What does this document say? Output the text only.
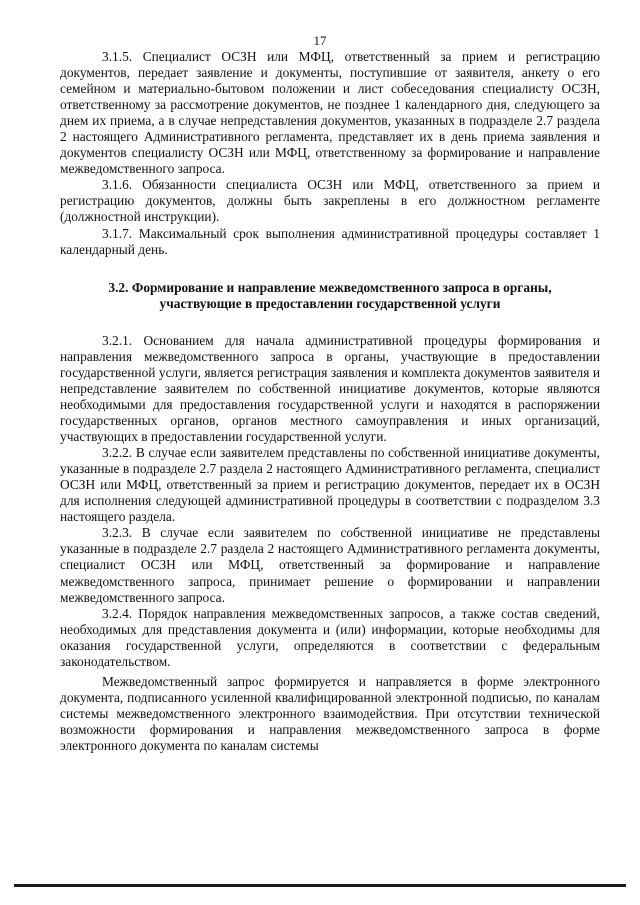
17

3.1.5. Специалист ОСЗН или МФЦ, ответственный за прием и регистрацию документов, передает заявление и документы, поступившие от заявителя, анкету о его семейном и материально-бытовом положении и лист собеседования специалисту ОСЗН, ответственному за рассмотрение документов, не позднее 1 календарного дня, следующего за днем их приема, а в случае непредставления документов, указанных в подразделе 2.7 раздела 2 настоящего Административного регламента, представляет их в день приема заявления и документов специалисту ОСЗН или МФЦ, ответственному за формирование и направление межведомственного запроса.

3.1.6. Обязанности специалиста ОСЗН или МФЦ, ответственного за прием и регистрацию документов, должны быть закреплены в его должностном регламенте (должностной инструкции).

3.1.7. Максимальный срок выполнения административной процедуры составляет 1 календарный день.

3.2. Формирование и направление межведомственного запроса в органы,
участвующие в предоставлении государственной услуги

3.2.1. Основанием для начала административной процедуры формирования и направления межведомственного запроса в органы, участвующие в предоставлении государственной услуги, является регистрация заявления и комплекта документов заявителя и непредставление заявителем по собственной инициативе документов, которые являются необходимыми для предоставления государственной услуги и находятся в распоряжении государственных органов, органов местного самоуправления и иных организаций, участвующих в предоставлении государственной услуги.

3.2.2. В случае если заявителем представлены по собственной инициативе документы, указанные в подразделе 2.7 раздела 2 настоящего Административного регламента, специалист ОСЗН или МФЦ, ответственный за прием и регистрацию документов, передает их в ОСЗН для исполнения следующей административной процедуры в соответствии с подразделом 3.3 настоящего раздела.

3.2.3. В случае если заявителем по собственной инициативе не представлены указанные в подразделе 2.7 раздела 2 настоящего Административного регламента документы, специалист ОСЗН или МФЦ, ответственный за формирование и направление межведомственного запроса, принимает решение о формировании и направлении межведомственного запроса.

3.2.4. Порядок направления межведомственных запросов, а также состав сведений, необходимых для представления документа и (или) информации, которые необходимы для оказания государственной услуги, определяются в соответствии с федеральным законодательством.

Межведомственный запрос формируется и направляется в форме электронного документа, подписанного усиленной квалифицированной электронной подписью, по каналам системы межведомственного электронного взаимодействия. При отсутствии технической возможности формирования и направления межведомственного запроса в форме электронного документа по каналам системы
